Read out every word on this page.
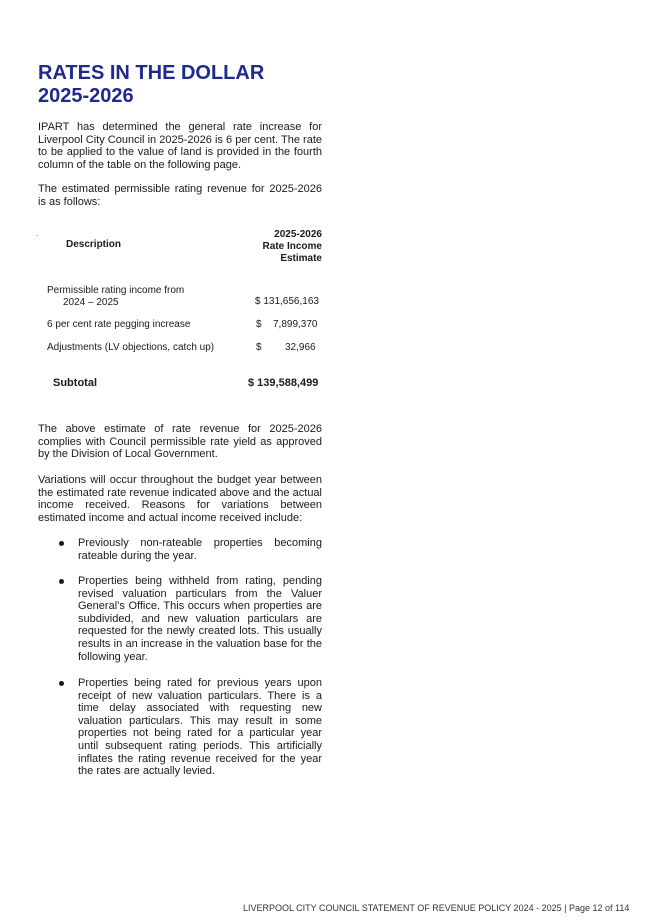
RATES IN THE DOLLAR
2025-2026

IPART has determined the general rate increase for Liverpool City Council in 2025-2026 is 6 per cent. The rate to be applied to the value of land is provided in the fourth column of the table on the following page.

The estimated permissible rating revenue for 2025-2026 is as follows:

Description
2025-2026
Rate Income
Estimate
Permissible rating income from
2024 – 2025	$ 131,656,163
6 per cent rate pegging increase	$ 7,899,370
Adjustments (LV objections, catch up)	$ 32,966
Subtotal	$ 139,588,499

The above estimate of rate revenue for 2025-2026 complies with Council permissible rate yield as approved by the Division of Local Government.

Variations will occur throughout the budget year between the estimated rate revenue indicated above and the actual income received. Reasons for variations between estimated income and actual income received include:

Previously non-rateable properties becoming rateable during the year.

Properties being withheld from rating, pending revised valuation particulars from the Valuer General’s Office. This occurs when properties are subdivided, and new valuation particulars are requested for the newly created lots. This usually results in an increase in the valuation base for the following year.

Properties being rated for previous years upon receipt of new valuation particulars. There is a time delay associated with requesting new valuation particulars. This may result in some properties not being rated for a particular year until subsequent rating periods. This artificially inflates the rating revenue received for the year the rates are actually levied.

LIVERPOOL CITY COUNCIL STATEMENT OF REVENUE POLICY 2024 - 2025 | Page 12 of 114
